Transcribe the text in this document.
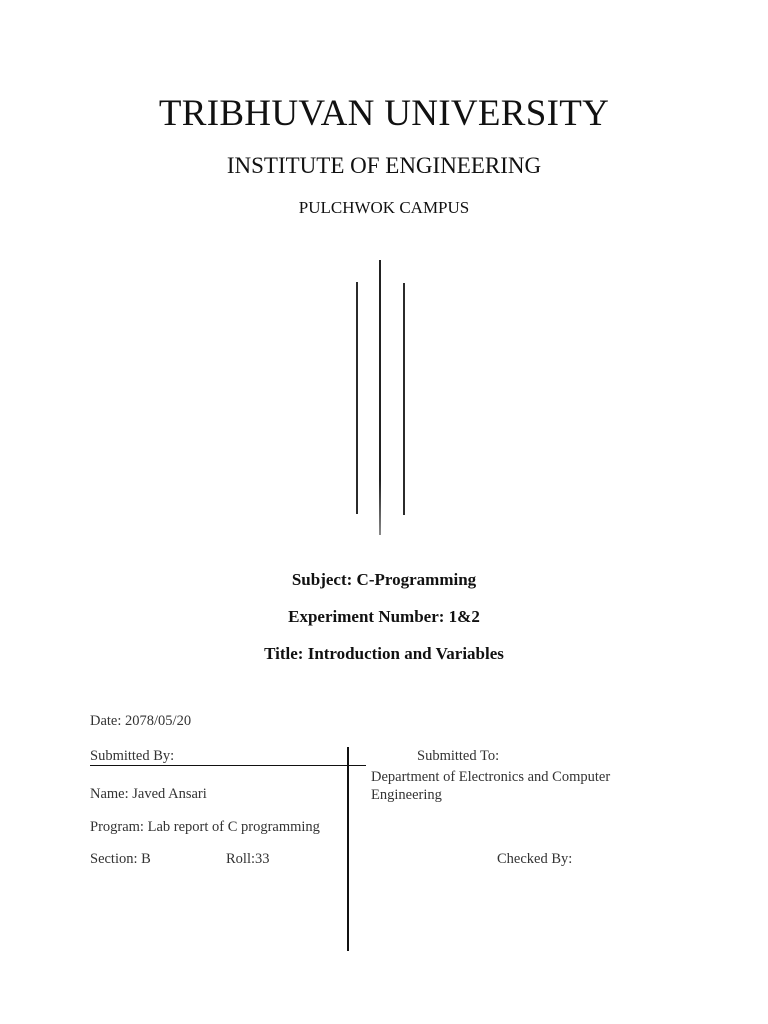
TRIBHUVAN UNIVERSITY
INSTITUTE OF ENGINEERING
PULCHWOK CAMPUS
Subject: C-Programming
Experiment Number: 1&2
Title: Introduction and Variables
Date: 2078/05/20
Submitted By:	Submitted To:
Department of Electronics and Computer Engineering
Name: Javed Ansari
Program: Lab report of C programming
Section: B	Roll:33	Checked By:
